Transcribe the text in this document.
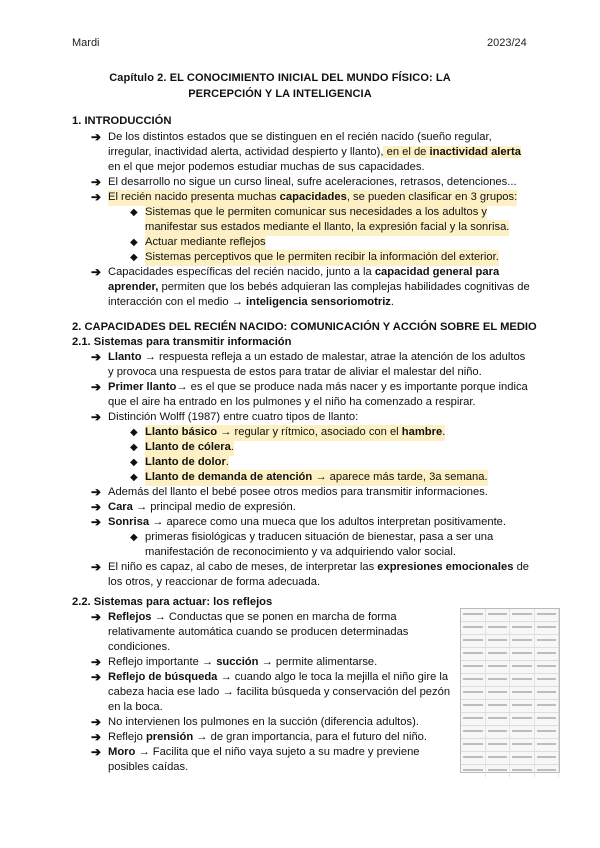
Mardi	2023/24
Capítulo 2. EL CONOCIMIENTO INICIAL DEL MUNDO FÍSICO: LA
PERCEPCIÓN Y LA INTELIGENCIA
1. INTRODUCCIÓN
➔ De los distintos estados que se distinguen en el recién nacido (sueño regular,
irregular, inactividad alerta, actividad despierto y llanto), en el de inactividad alerta
en el que mejor podemos estudiar muchas de sus capacidades.
➔ El desarrollo no sigue un curso lineal, sufre aceleraciones, retrasos, detenciones...
➔ El recién nacido presenta muchas capacidades, se pueden clasificar en 3 grupos:
◆ Sistemas que le permiten comunicar sus necesidades a los adultos y
manifestar sus estados mediante el llanto, la expresión facial y la sonrisa.
◆ Actuar mediante reflejos
◆ Sistemas perceptivos que le permiten recibir la información del exterior.
➔ Capacidades específicas del recién nacido, junto a la capacidad general para
aprender, permiten que los bebés adquieran las complejas habilidades cognitivas de
interacción con el medio → inteligencia sensoriomotriz.
2. CAPACIDADES DEL RECIÉN NACIDO: COMUNICACIÓN Y ACCIÓN SOBRE EL MEDIO
2.1. Sistemas para transmitir información
➔ Llanto → respuesta refleja a un estado de malestar, atrae la atención de los adultos
y provoca una respuesta de estos para tratar de aliviar el malestar del niño.
➔ Primer llanto→ es el que se produce nada más nacer y es importante porque indica
que el aire ha entrado en los pulmones y el niño ha comenzado a respirar.
➔ Distinción Wolff (1987) entre cuatro tipos de llanto:
◆ Llanto básico → regular y rítmico, asociado con el hambre.
◆ Llanto de cólera.
◆ Llanto de dolor.
◆ Llanto de demanda de atención → aparece más tarde, 3a semana.
➔ Además del llanto el bebé posee otros medios para transmitir informaciones.
➔ Cara → principal medio de expresión.
➔ Sonrisa → aparece como una mueca que los adultos interpretan positivamente.
◆ primeras fisiológicas y traducen situación de bienestar, pasa a ser una
manifestación de reconocimiento y va adquiriendo valor social.
➔ El niño es capaz, al cabo de meses, de interpretar las expresiones emocionales de
los otros, y reaccionar de forma adecuada.
2.2. Sistemas para actuar: los reflejos
➔ Reflejos → Conductas que se ponen en marcha de forma
relativamente automática cuando se producen determinadas
condiciones.
➔ Reflejo importante → succión → permite alimentarse.
➔ Reflejo de búsqueda → cuando algo le toca la mejilla el niño gire la
cabeza hacia ese lado → facilita búsqueda y conservación del pezón
en la boca.
➔ No intervienen los pulmones en la succión (diferencia adultos).
➔ Reflejo prensión → de gran importancia, para el futuro del niño.
➔ Moro → Facilita que el niño vaya sujeto a su madre y previene
posibles caídas.
